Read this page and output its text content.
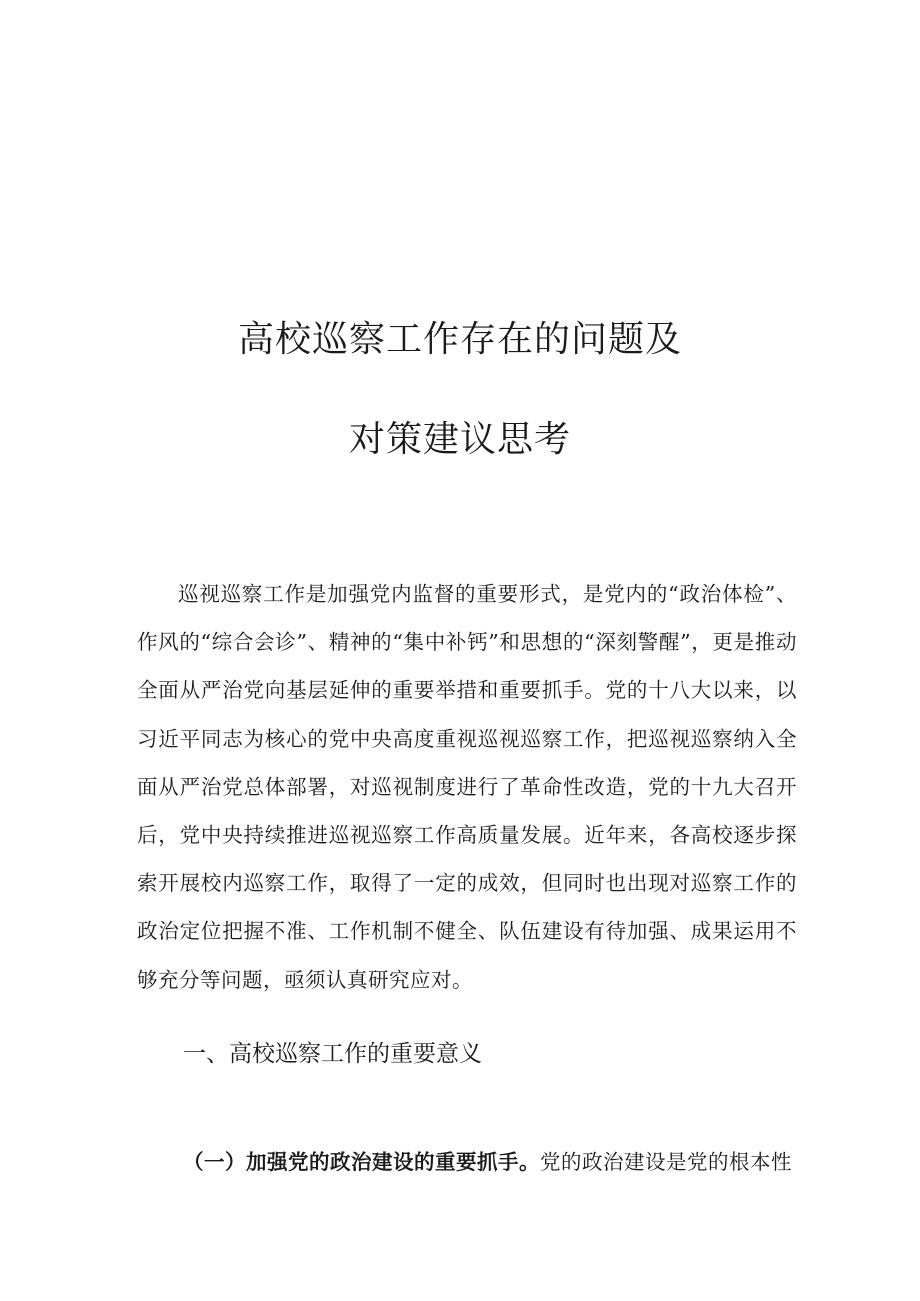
高校巡察工作存在的问题及
对策建议思考

巡视巡察工作是加强党内监督的重要形式，是党内的“政治体检”、作风的“综合会诊”、精神的“集中补钙”和思想的“深刻警醒”，更是推动全面从严治党向基层延伸的重要举措和重要抓手。党的十八大以来，以习近平同志为核心的党中央高度重视巡视巡察工作，把巡视巡察纳入全面从严治党总体部署，对巡视制度进行了革命性改造，党的十九大召开后，党中央持续推进巡视巡察工作高质量发展。近年来，各高校逐步探索开展校内巡察工作，取得了一定的成效，但同时也出现对巡察工作的政治定位把握不准、工作机制不健全、队伍建设有待加强、成果运用不够充分等问题，亟须认真研究应对。

一、高校巡察工作的重要意义

（一）加强党的政治建设的重要抓手。党的政治建设是党的根本性
